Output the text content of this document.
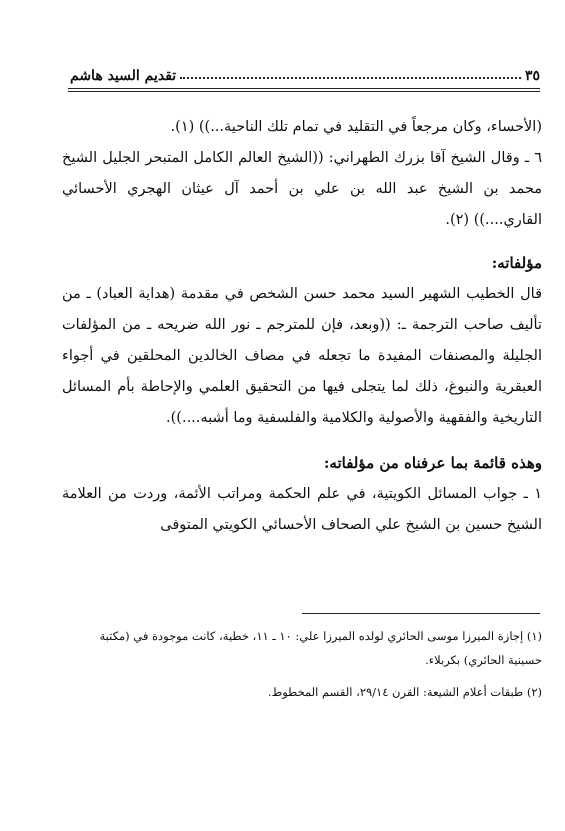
تقديم السيد هاشم	٣٥

(الأحساء، وكان مرجعاً في التقليد في تمام تلك الناحية...)) (١).

٦ ـ وقال الشيخ آقا بزرك الطهراني: ((الشيخ العالم الكامل المتبحر الجليل الشيخ محمد بن الشيخ عبد الله بن علي بن أحمد آل عيثان الهجري الأحسائي القاري....)) (٢).

مؤلفاته:

قال الخطيب الشهير السيد محمد حسن الشخص في مقدمة (هداية العباد) ـ من تأليف صاحب الترجمة ـ: ((وبعد، فإن للمترجم ـ نور الله ضريحه ـ من المؤلفات الجليلة والمصنفات المفيدة ما تجعله في مصاف الخالدين المحلقين في أجواء العبقرية والنبوغ، ذلك لما يتجلى فيها من التحقيق العلمي والإحاطة بأم المسائل التاريخية والفقهية والأصولية والكلامية والفلسفية وما أشبه....)).

وهذه قائمة بما عرفناه من مؤلفاته:

١ ـ جواب المسائل الكويتية، في علم الحكمة ومراتب الأئمة، وردت من العلامة الشيخ حسين بن الشيخ علي الصحاف الأحسائي الكويتي المتوفى

(١) إجازة الميرزا موسى الحائري لولده الميرزا علي: ١٠ ـ ١١، خطية، كانت موجودة في (مكتبة حسينية الحائري) بكربلاء.

(٢) طبقات أعلام الشيعة: القرن ٢٩/١٤، القسم المخطوط.
